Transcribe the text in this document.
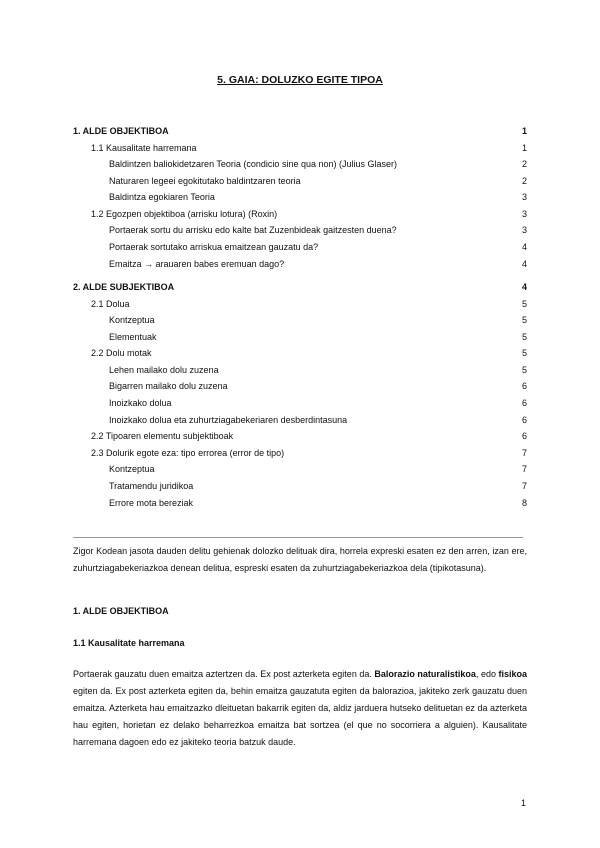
5. GAIA: DOLUZKO EGITE TIPOA
1. ALDE OBJEKTIBOA	1
1.1 Kausalitate harremana	1
Baldintzen baliokidetzaren Teoria (condicio sine qua non) (Julius Glaser)	2
Naturaren legeei egokitutako baldintzaren teoria	2
Baldintza egokiaren Teoria	3
1.2 Egozpen objektiboa (arrisku lotura) (Roxin)	3
Portaerak sortu du arrisku edo kalte bat Zuzenbideak gaitzesten duena?	3
Portaerak sortutako arriskua emaitzean gauzatu da?	4
Emaitza → arauaren babes eremuan dago?	4
2. ALDE SUBJEKTIBOA	4
2.1 Dolua	5
Kontzeptua	5
Elementuak	5
2.2 Dolu motak	5
Lehen mailako dolu zuzena	5
Bigarren mailako dolu zuzena	6
Inoizkako dolua	6
Inoizkako dolua eta zuhurtziagabekeriaren desberdintasuna	6
2.2 Tipoaren elementu subjektiboak	6
2.3 Dolurik egote eza: tipo errorea (error de tipo)	7
Kontzeptua	7
Tratamendu juridikoa	7
Errore mota bereziak	8
Zigor Kodean jasota dauden delitu gehienak dolozko delituak dira, horrela expreski esaten ez den arren, izan ere, zuhurtziagabekeriazkoa denean delitua, espreski esaten da zuhurtziagabekeriazkoa dela (tipikotasuna).
1. ALDE OBJEKTIBOA
1.1 Kausalitate harremana
Portaerak gauzatu duen emaitza aztertzen da. Ex post azterketa egiten da. Balorazio naturalistikoa, edo fisikoa egiten da. Ex post azterketa egiten da, behin emaitza gauzatuta egiten da balorazioa, jakiteko zerk gauzatu duen emaitza. Azterketa hau emaitzazko dleituetan bakarrik egiten da, aldiz jarduera hutseko delituetan ez da azterketa hau egiten, horietan ez delako beharrezkoa emaitza bat sortzea (el que no socorriera a alguien). Kausalitate harremana dagoen edo ez jakiteko teoria batzuk daude.
1
